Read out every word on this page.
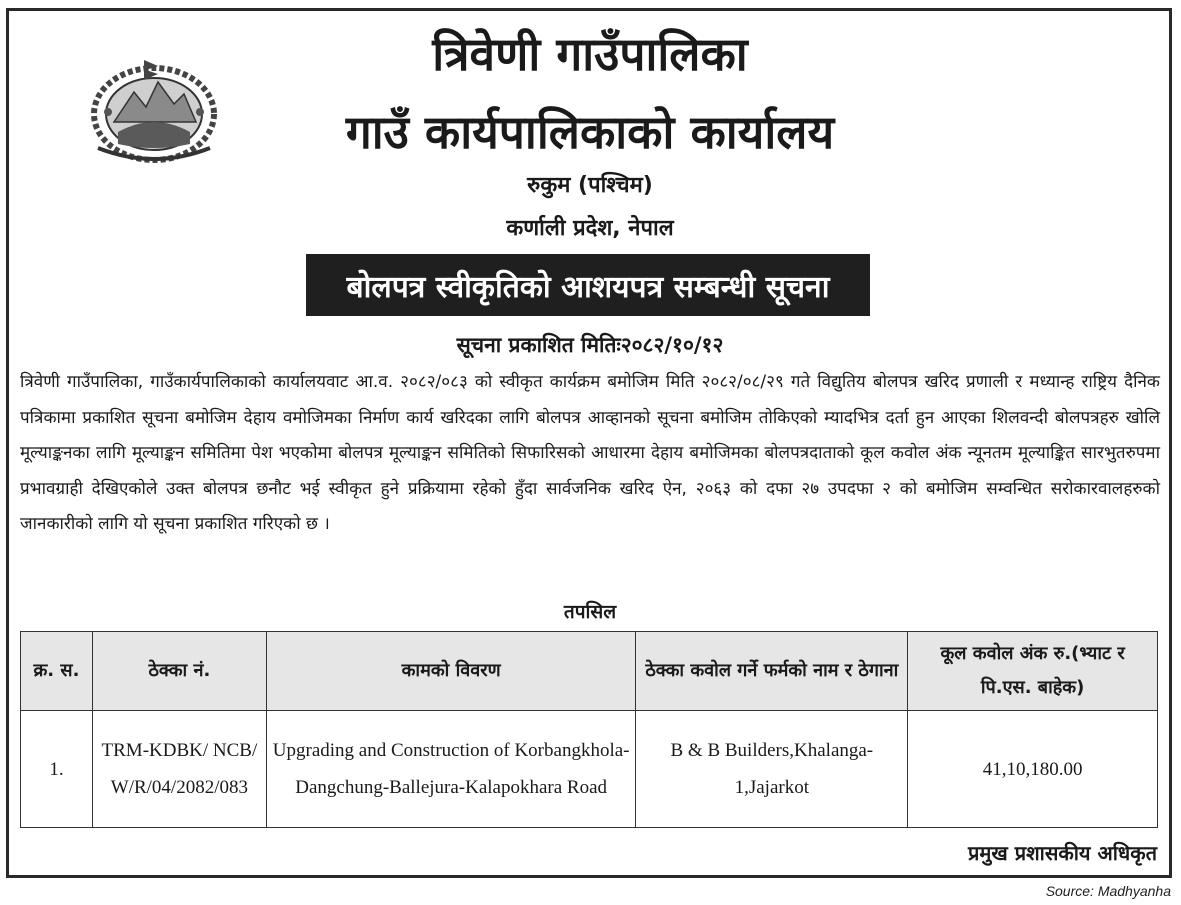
त्रिवेणी गाउँपालिका
गाउँ कार्यपालिकाको कार्यालय
रुकुम (पश्चिम)
कर्णाली प्रदेश, नेपाल
बोलपत्र स्वीकृतिको आशयपत्र सम्बन्धी सूचना
सूचना प्रकाशित मितिः२०८२/१०/१२
त्रिवेणी गाउँपालिका, गाउँकार्यपालिकाको कार्यालयवाट आ.व. २०८२/०८३ को स्वीकृत कार्यक्रम बमोजिम मिति २०८२/०८/२९ गते विद्युतिय बोलपत्र खरिद प्रणाली र मध्यान्ह राष्ट्रिय दैनिक पत्रिकामा प्रकाशित सूचना बमोजिम देहाय वमोजिमका निर्माण कार्य खरिदका लागि बोलपत्र आव्हानको सूचना बमोजिम तोकिएको म्यादभित्र दर्ता हुन आएका शिलवन्दी बोलपत्रहरु खोलि मूल्याङ्कनका लागि मूल्याङ्कन समितिमा पेश भएकोमा बोलपत्र मूल्याङ्कन समितिको सिफारिसको आधारमा देहाय बमोजिमका बोलपत्रदाताको कूल कवोल अंक न्यूनतम मूल्याङ्कित सारभुतरुपमा प्रभावग्राही देखिएकोले उक्त बोलपत्र छनौट भई स्वीकृत हुने प्रक्रियामा रहेको हुँदा सार्वजनिक खरिद ऐन, २०६३ को दफा २७ उपदफा २ को बमोजिम सम्वन्धित सरोकारवालहरुको जानकारीको लागि यो सूचना प्रकाशित गरिएको छ ।
तपसिल
क्र. स.	ठेक्का नं.	कामको विवरण	ठेक्का कवोल गर्ने फर्मको नाम र ठेगाना	कूल कवोल अंक रु.(भ्याट र पि.एस. बाहेक)
1.	TRM-KDBK/ NCB/ W/R/04/2082/083	Upgrading and Construction of Korbangkhola-Dangchung-Ballejura-Kalapokhara Road	B & B Builders,Khalanga-1,Jajarkot	41,10,180.00
प्रमुख प्रशासकीय अधिकृत
Source: Madhyanha
